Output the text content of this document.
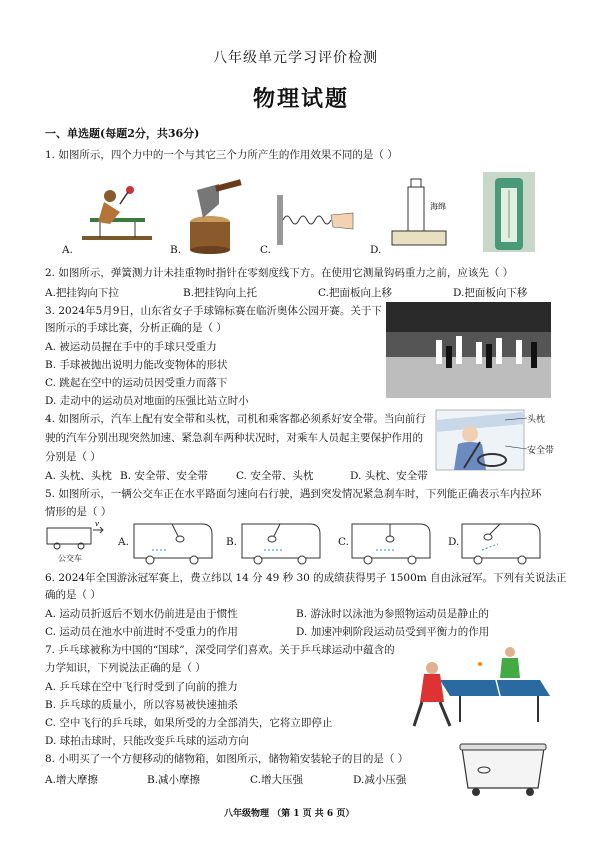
八年级单元学习评价检测
物理试题
一、单选题(每题2分，共36分)
1. 如图所示，四个力中的一个与其它三个力所产生的作用效果不同的是（ ）
A.	B.	C.	D.
海绵
2. 如图所示，弹簧测力计未挂重物时指针在零刻度线下方。在使用它测量钩码重力之前，应该先（ ）
A.把挂钩向下拉	B.把挂钩向上托	C.把面板向上移	D.把面板向下移
3. 2024年5月9日，山东省女子手球锦标赛在临沂奥体公园开赛。关于下
图所示的手球比赛，分析正确的是（ ）
A. 被运动员握在手中的手球只受重力
B. 手球被抛出说明力能改变物体的形状
C. 跳起在空中的运动员因受重力而落下
D. 走动中的运动员对地面的压强比站立时小
4. 如图所示，汽车上配有安全带和头枕，司机和乘客都必须系好安全带。当向前行
驶的汽车分别出现突然加速、紧急刹车两种状况时，对乘车人员起主要保护作用的
分别是（ ）
A. 头枕、头枕 B. 安全带、安全带	C. 安全带、头枕	D. 头枕、安全带
头枕
安全带
5. 如图所示，一辆公交车正在水平路面匀速向右行驶，遇到突发情况紧急刹车时，下列能正确表示车内拉环
情形的是（ ）
v
公交车
A.	B.	C.	D.
6. 2024年全国游泳冠军赛上，费立纬以 14 分 49 秒 30 的成绩获得男子 1500m 自由泳冠军。下列有关说法正
确的是（ ）
A. 运动员折返后不划水仍前进是由于惯性	B. 游泳时以泳池为参照物运动员是静止的
C. 运动员在池水中前进时不受重力的作用	D. 加速冲刺阶段运动员受到平衡力的作用
7. 乒乓球被称为中国的“国球”，深受同学们喜欢。关于乒乓球运动中蕴含的
力学知识，下列说法正确的是（ ）
A. 乒乓球在空中飞行时受到了向前的推力
B. 乒乓球的质量小，所以容易被快速抽杀
C. 空中飞行的乒乓球，如果所受的力全部消失，它将立即停止
D. 球拍击球时，只能改变乒乓球的运动方向
8. 小明买了一个方便移动的储物箱，如图所示，储物箱安装轮子的目的是（ ）
A.增大摩擦	B.减小摩擦	C.增大压强	D.减小压强
八年级物理 （第 1 页 共 6 页）
